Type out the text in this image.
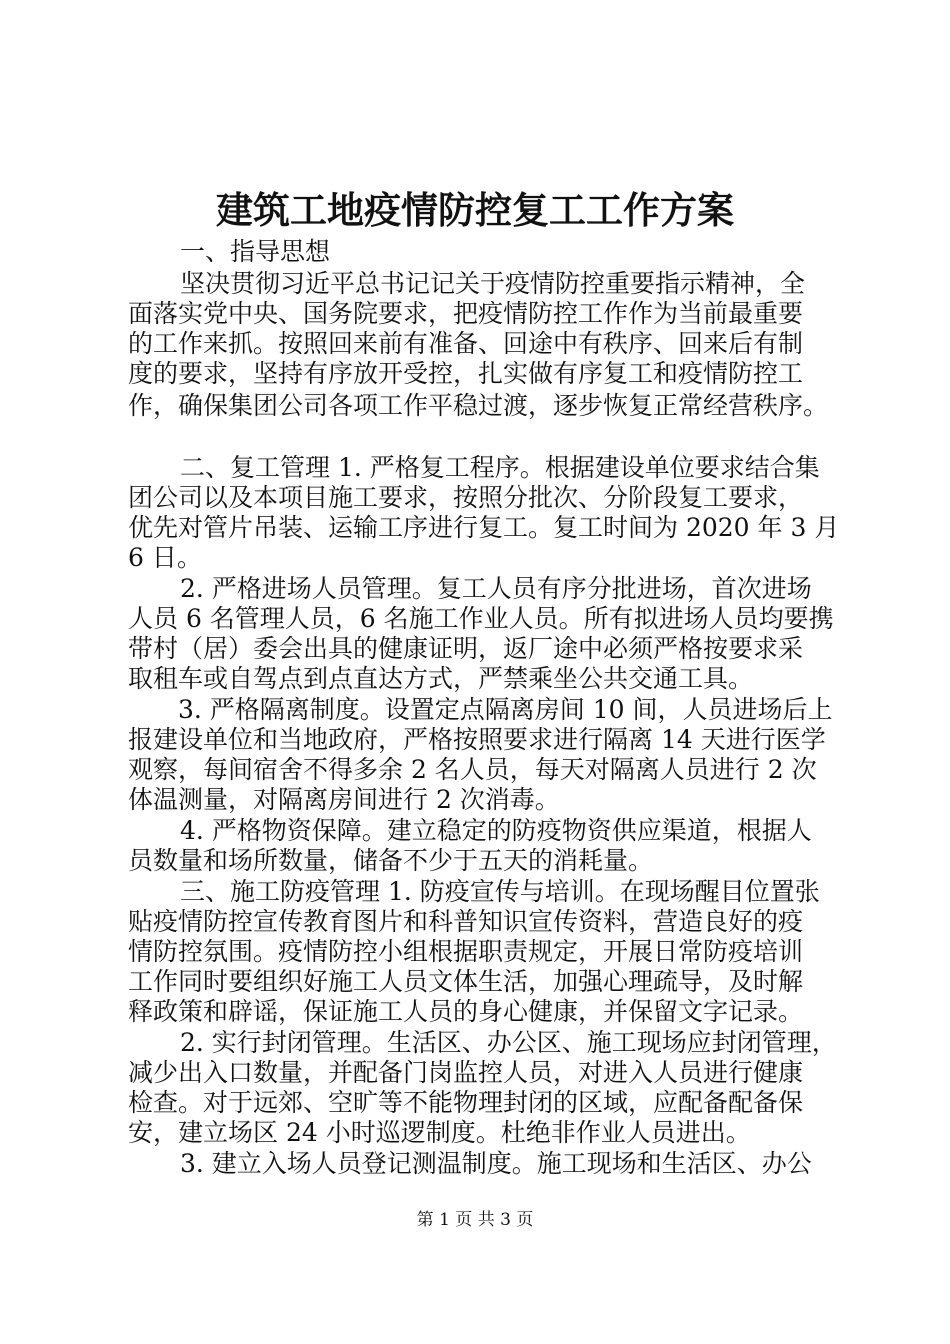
建筑工地疫情防控复工工作方案

一、指导思想

坚决贯彻习近平总书记记关于疫情防控重要指示精神，全

面落实党中央、国务院要求，把疫情防控工作作为当前最重要

的工作来抓。按照回来前有准备、回途中有秩序、回来后有制

度的要求，坚持有序放开受控，扎实做有序复工和疫情防控工

作，确保集团公司各项工作平稳过渡，逐步恢复正常经营秩序。

二、复工管理 1. 严格复工程序。根据建设单位要求结合集

团公司以及本项目施工要求，按照分批次、分阶段复工要求，

优先对管片吊装、运输工序进行复工。复工时间为 2020 年 3 月

6 日。

2. 严格进场人员管理。复工人员有序分批进场，首次进场

人员 6 名管理人员，6 名施工作业人员。所有拟进场人员均要携

带村（居）委会出具的健康证明，返厂途中必须严格按要求采

取租车或自驾点到点直达方式，严禁乘坐公共交通工具。

3. 严格隔离制度。设置定点隔离房间 10 间，人员进场后上

报建设单位和当地政府，严格按照要求进行隔离 14 天进行医学

观察，每间宿舍不得多余 2 名人员，每天对隔离人员进行 2 次

体温测量，对隔离房间进行 2 次消毒。

4. 严格物资保障。建立稳定的防疫物资供应渠道，根据人

员数量和场所数量，储备不少于五天的消耗量。

三、施工防疫管理 1. 防疫宣传与培训。在现场醒目位置张

贴疫情防控宣传教育图片和科普知识宣传资料，营造良好的疫

情防控氛围。疫情防控小组根据职责规定，开展日常防疫培训

工作同时要组织好施工人员文体生活，加强心理疏导，及时解

释政策和辟谣，保证施工人员的身心健康，并保留文字记录。

2. 实行封闭管理。生活区、办公区、施工现场应封闭管理，

减少出入口数量，并配备门岗监控人员，对进入人员进行健康

检查。对于远郊、空旷等不能物理封闭的区域，应配备配备保

安，建立场区 24 小时巡逻制度。杜绝非作业人员进出。

3. 建立入场人员登记测温制度。施工现场和生活区、办公

第 1 页 共 3 页
